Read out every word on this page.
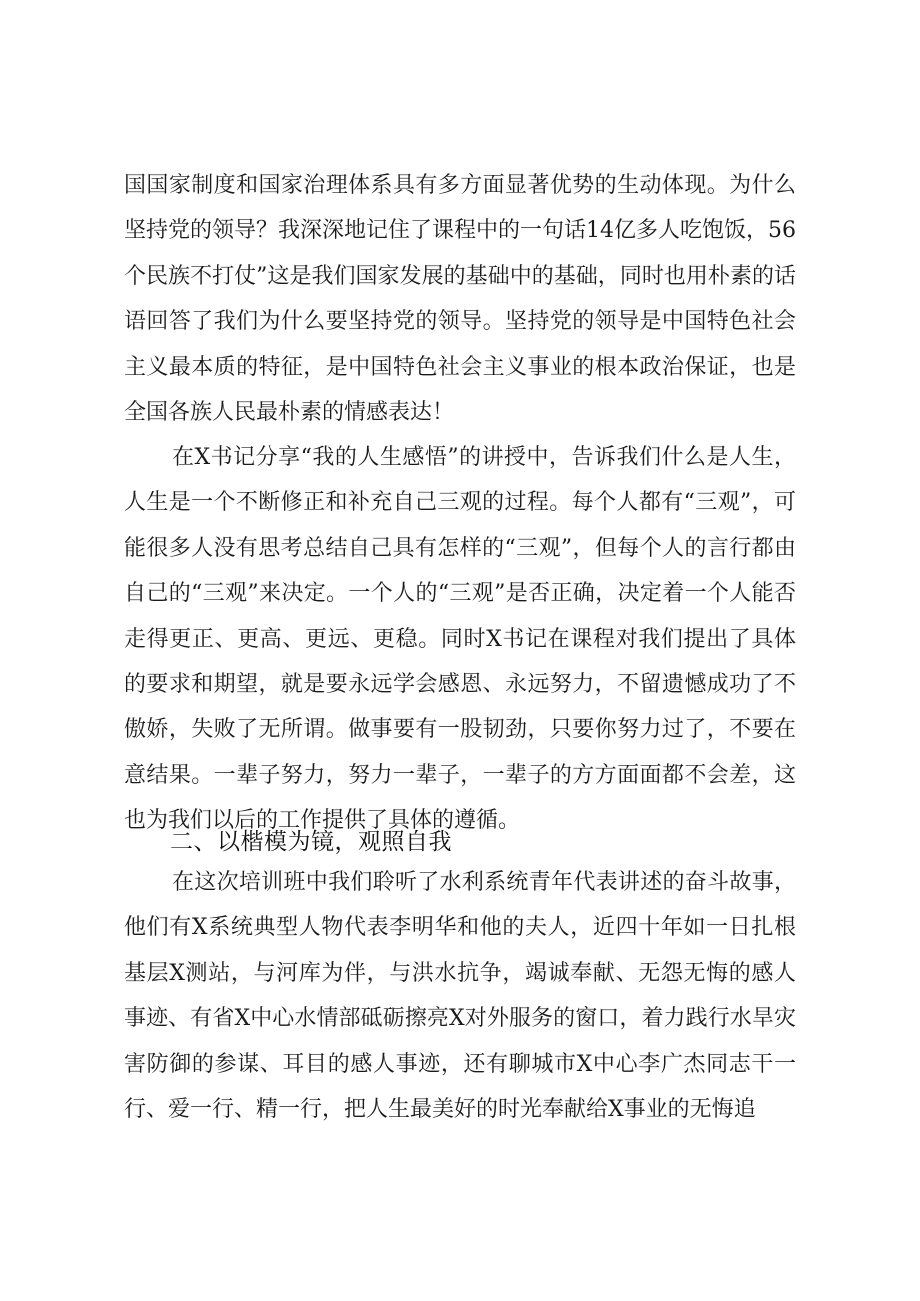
国国家制度和国家治理体系具有多方面显著优势的生动体现。为什么坚持党的领导？我深深地记住了课程中的一句话14亿多人吃饱饭，56个民族不打仗”这是我们国家发展的基础中的基础，同时也用朴素的话语回答了我们为什么要坚持党的领导。坚持党的领导是中国特色社会主义最本质的特征，是中国特色社会主义事业的根本政治保证，也是全国各族人民最朴素的情感表达！

在X书记分享“我的人生感悟”的讲授中，告诉我们什么是人生，人生是一个不断修正和补充自己三观的过程。每个人都有“三观”，可能很多人没有思考总结自己具有怎样的“三观”，但每个人的言行都由自己的“三观”来决定。一个人的“三观”是否正确，决定着一个人能否走得更正、更高、更远、更稳。同时X书记在课程对我们提出了具体的要求和期望，就是要永远学会感恩、永远努力，不留遗憾成功了不傲娇，失败了无所谓。做事要有一股韧劲，只要你努力过了，不要在意结果。一辈子努力，努力一辈子，一辈子的方方面面都不会差，这也为我们以后的工作提供了具体的遵循。

二、以楷模为镜，观照自我

在这次培训班中我们聆听了水利系统青年代表讲述的奋斗故事，他们有X系统典型人物代表李明华和他的夫人，近四十年如一日扎根基层X测站，与河库为伴，与洪水抗争，竭诚奉献、无怨无悔的感人事迹、有省X中心水情部砥砺擦亮X对外服务的窗口，着力践行水旱灾害防御的参谋、耳目的感人事迹，还有聊城市X中心李广杰同志干一行、爱一行、精一行，把人生最美好的时光奉献给X事业的无悔追
